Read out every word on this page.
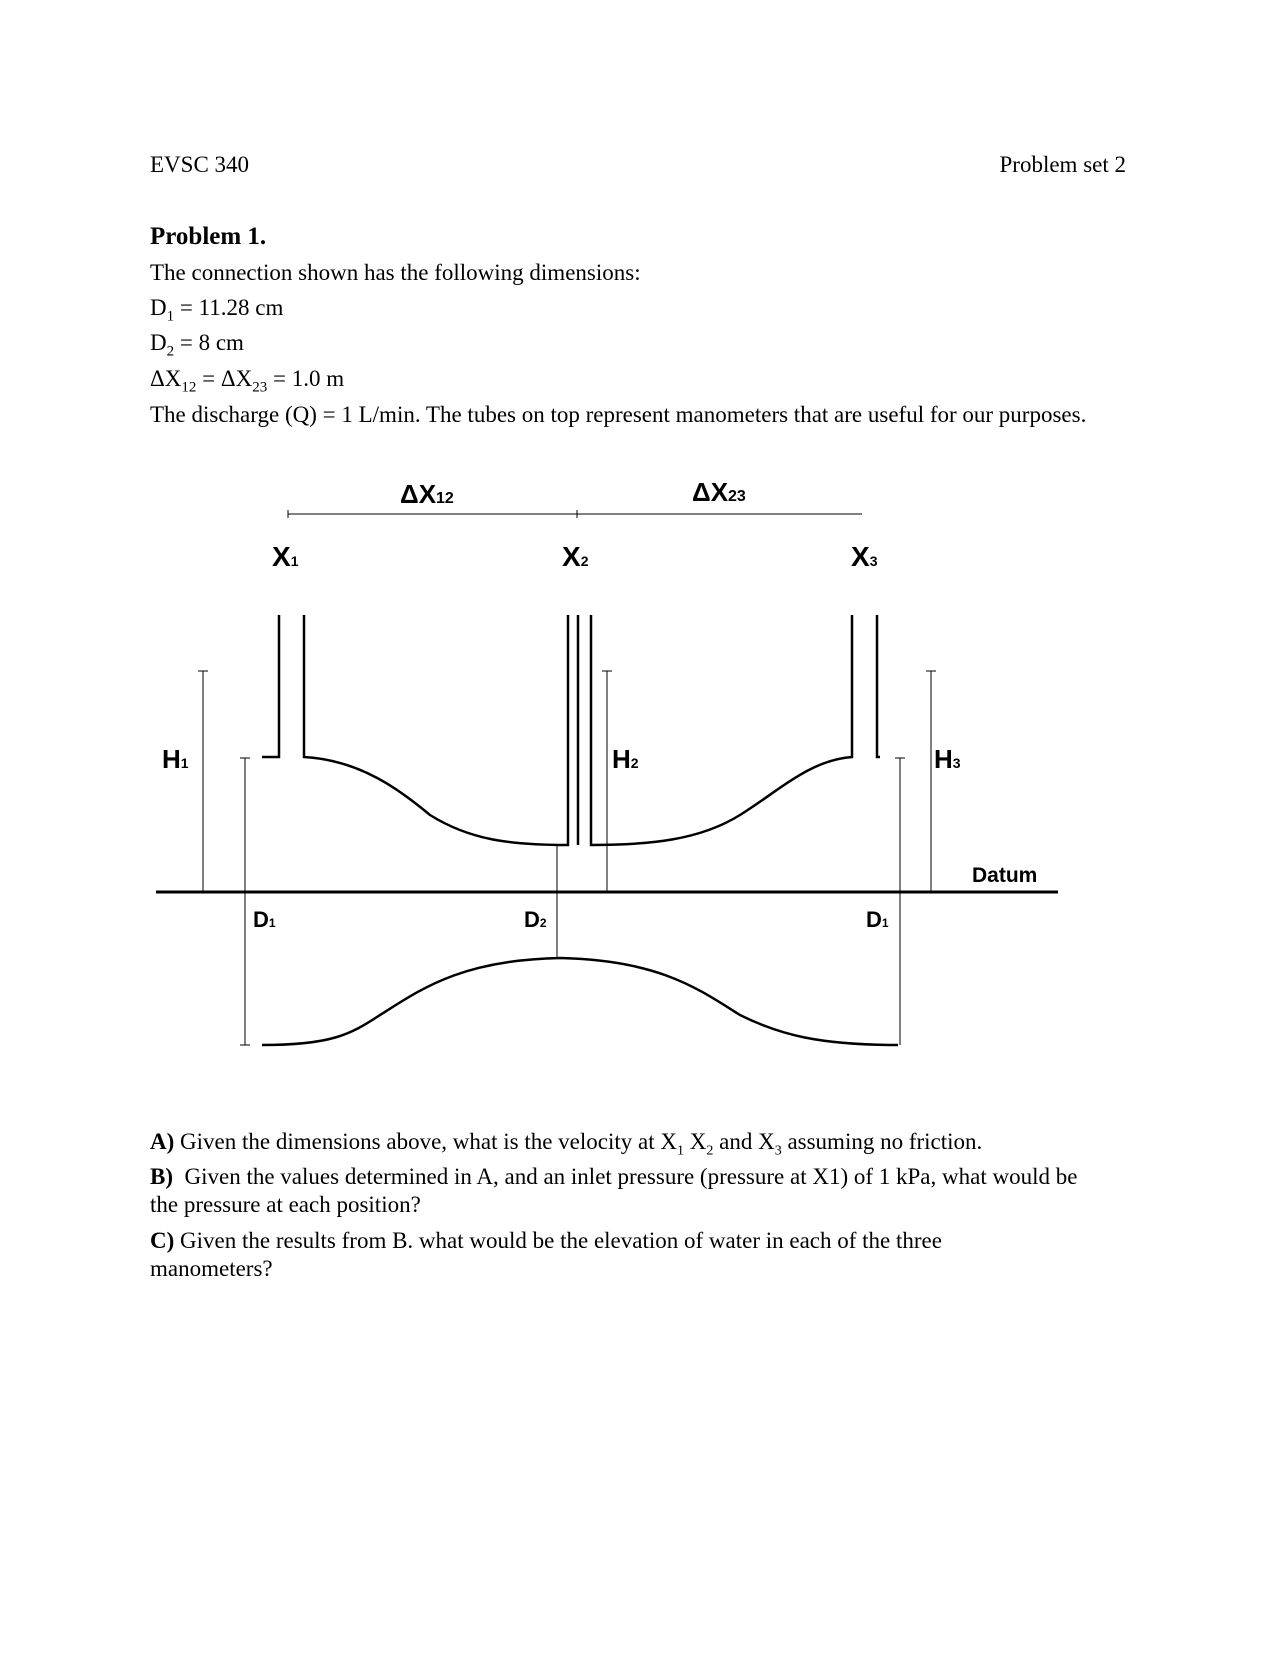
EVSC 340	Problem set 2
Problem 1.
The connection shown has the following dimensions:
$D_1 = 11.28$ cm
$D_2 = 8$ cm
$\Delta X_{12} = \Delta X_{23} = 1.0$ m
The discharge (Q) = 1 L/min. The tubes on top represent manometers that are useful for our purposes.
ΔX12	ΔX23
X1	X2	X3
H1	H2	H3
D1	D2	D1
Datum
A) Given the dimensions above, what is the velocity at $X_1$ $X_2$ and $X_3$ assuming no friction.
B) Given the values determined in A, and an inlet pressure (pressure at X1) of 1 kPa, what would be the pressure at each position?
C) Given the results from B. what would be the elevation of water in each of the three manometers?
